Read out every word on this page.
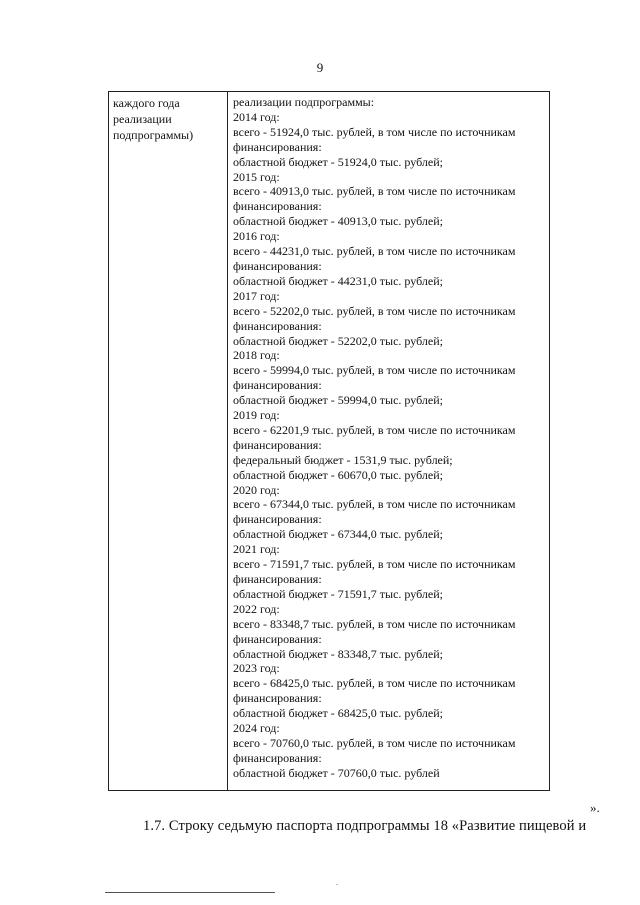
9
каждого года
реализации
подпрограммы)
реализации подпрограммы:
2014 год:
всего - 51924,0 тыс. рублей, в том числе по источникам
финансирования:
областной бюджет - 51924,0 тыс. рублей;
2015 год:
всего - 40913,0 тыс. рублей, в том числе по источникам
финансирования:
областной бюджет - 40913,0 тыс. рублей;
2016 год:
всего - 44231,0 тыс. рублей, в том числе по источникам
финансирования:
областной бюджет - 44231,0 тыс. рублей;
2017 год:
всего - 52202,0 тыс. рублей, в том числе по источникам
финансирования:
областной бюджет - 52202,0 тыс. рублей;
2018 год:
всего - 59994,0 тыс. рублей, в том числе по источникам
финансирования:
областной бюджет - 59994,0 тыс. рублей;
2019 год:
всего - 62201,9 тыс. рублей, в том числе по источникам
финансирования:
федеральный бюджет - 1531,9 тыс. рублей;
областной бюджет - 60670,0 тыс. рублей;
2020 год:
всего - 67344,0 тыс. рублей, в том числе по источникам
финансирования:
областной бюджет - 67344,0 тыс. рублей;
2021 год:
всего - 71591,7 тыс. рублей, в том числе по источникам
финансирования:
областной бюджет - 71591,7 тыс. рублей;
2022 год:
всего - 83348,7 тыс. рублей, в том числе по источникам
финансирования:
областной бюджет - 83348,7 тыс. рублей;
2023 год:
всего - 68425,0 тыс. рублей, в том числе по источникам
финансирования:
областной бюджет - 68425,0 тыс. рублей;
2024 год:
всего - 70760,0 тыс. рублей, в том числе по источникам
финансирования:
областной бюджет - 70760,0 тыс. рублей
».
1.7. Строку седьмую паспорта подпрограммы 18 «Развитие пищевой и
